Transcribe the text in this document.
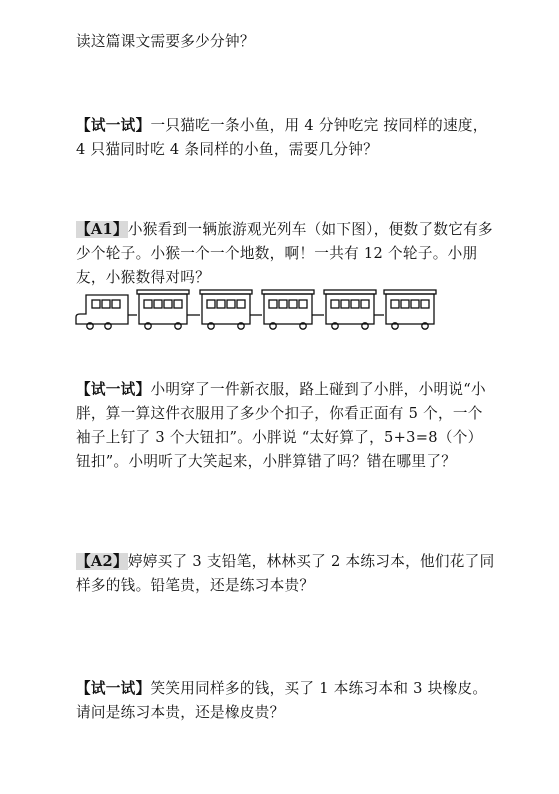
读这篇课文需要多少分钟？
【试一试】一只猫吃一条小鱼，用 4 分钟吃完 按同样的速度，4 只猫同时吃 4 条同样的小鱼，需要几分钟？
【A1】小猴看到一辆旅游观光列车（如下图），便数了数它有多少个轮子。小猴一个一个地数，啊！一共有 12 个轮子。小朋友，小猴数得对吗？
【试一试】小明穿了一件新衣服，路上碰到了小胖，小明说“小胖，算一算这件衣服用了多少个扣子，你看正面有 5 个，一个袖子上钉了 3 个大钮扣”。小胖说 “太好算了，5+3=8（个）钮扣”。小明听了大笑起来，小胖算错了吗？错在哪里了？
【A2】婷婷买了 3 支铅笔，林林买了 2 本练习本，他们花了同样多的钱。铅笔贵，还是练习本贵？
【试一试】笑笑用同样多的钱，买了 1 本练习本和 3 块橡皮。请问是练习本贵，还是橡皮贵？
